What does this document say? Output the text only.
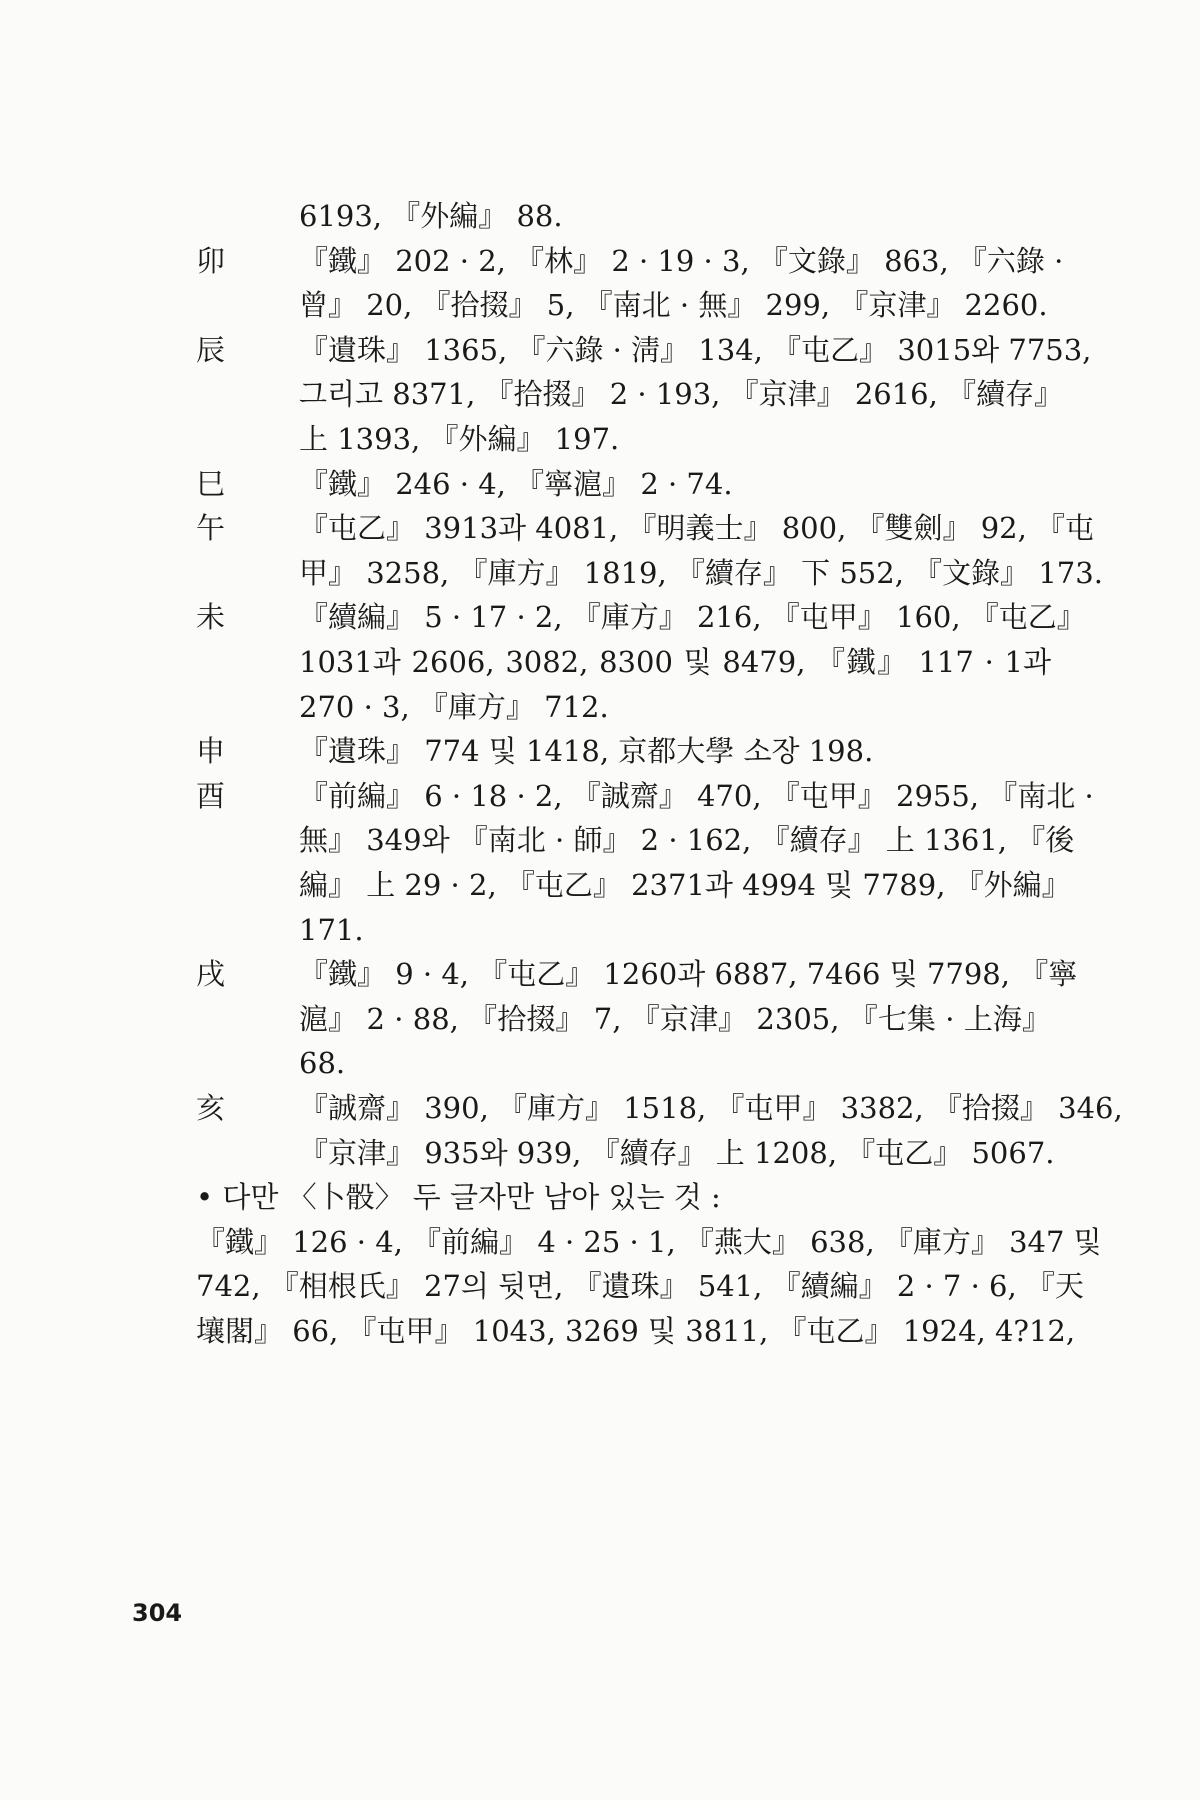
6193, 『外編』 88.
卯	『鐵』 202 · 2, 『林』 2 · 19 · 3, 『文錄』 863, 『六錄 ·
曾』 20, 『拾掇』 5, 『南北 · 無』 299, 『京津』 2260.
辰	『遺珠』 1365, 『六錄 · 淸』 134, 『屯乙』 3015와 7753,
그리고 8371, 『拾掇』 2 · 193, 『京津』 2616, 『續存』
上 1393, 『外編』 197.
巳	『鐵』 246 · 4, 『寧滬』 2 · 74.
午	『屯乙』 3913과 4081, 『明義士』 800, 『雙劍』 92, 『屯
甲』 3258, 『庫方』 1819, 『續存』 下 552, 『文錄』 173.
未	『續編』 5 · 17 · 2, 『庫方』 216, 『屯甲』 160, 『屯乙』
1031과 2606, 3082, 8300 및 8479, 『鐵』 117 · 1과
270 · 3, 『庫方』 712.
申	『遺珠』 774 및 1418, 京都大學 소장 198.
酉	『前編』 6 · 18 · 2, 『誠齋』 470, 『屯甲』 2955, 『南北 ·
無』 349와 『南北 · 師』 2 · 162, 『續存』 上 1361, 『後
編』 上 29 · 2, 『屯乙』 2371과 4994 및 7789, 『外編』
171.
戌	『鐵』 9 · 4, 『屯乙』 1260과 6887, 7466 및 7798, 『寧
滬』 2 · 88, 『拾掇』 7, 『京津』 2305, 『七集 · 上海』
68.
亥	『誠齋』 390, 『庫方』 1518, 『屯甲』 3382, 『拾掇』 346,
『京津』 935와 939, 『續存』 上 1208, 『屯乙』 5067.
• 다만 〈卜骰〉 두 글자만 남아 있는 것 :
『鐵』 126 · 4, 『前編』 4 · 25 · 1, 『燕大』 638, 『庫方』 347 및
742, 『相根氏』 27의 뒷면, 『遺珠』 541, 『續編』 2 · 7 · 6, 『天
壤閣』 66, 『屯甲』 1043, 3269 및 3811, 『屯乙』 1924, 4?12,
304
